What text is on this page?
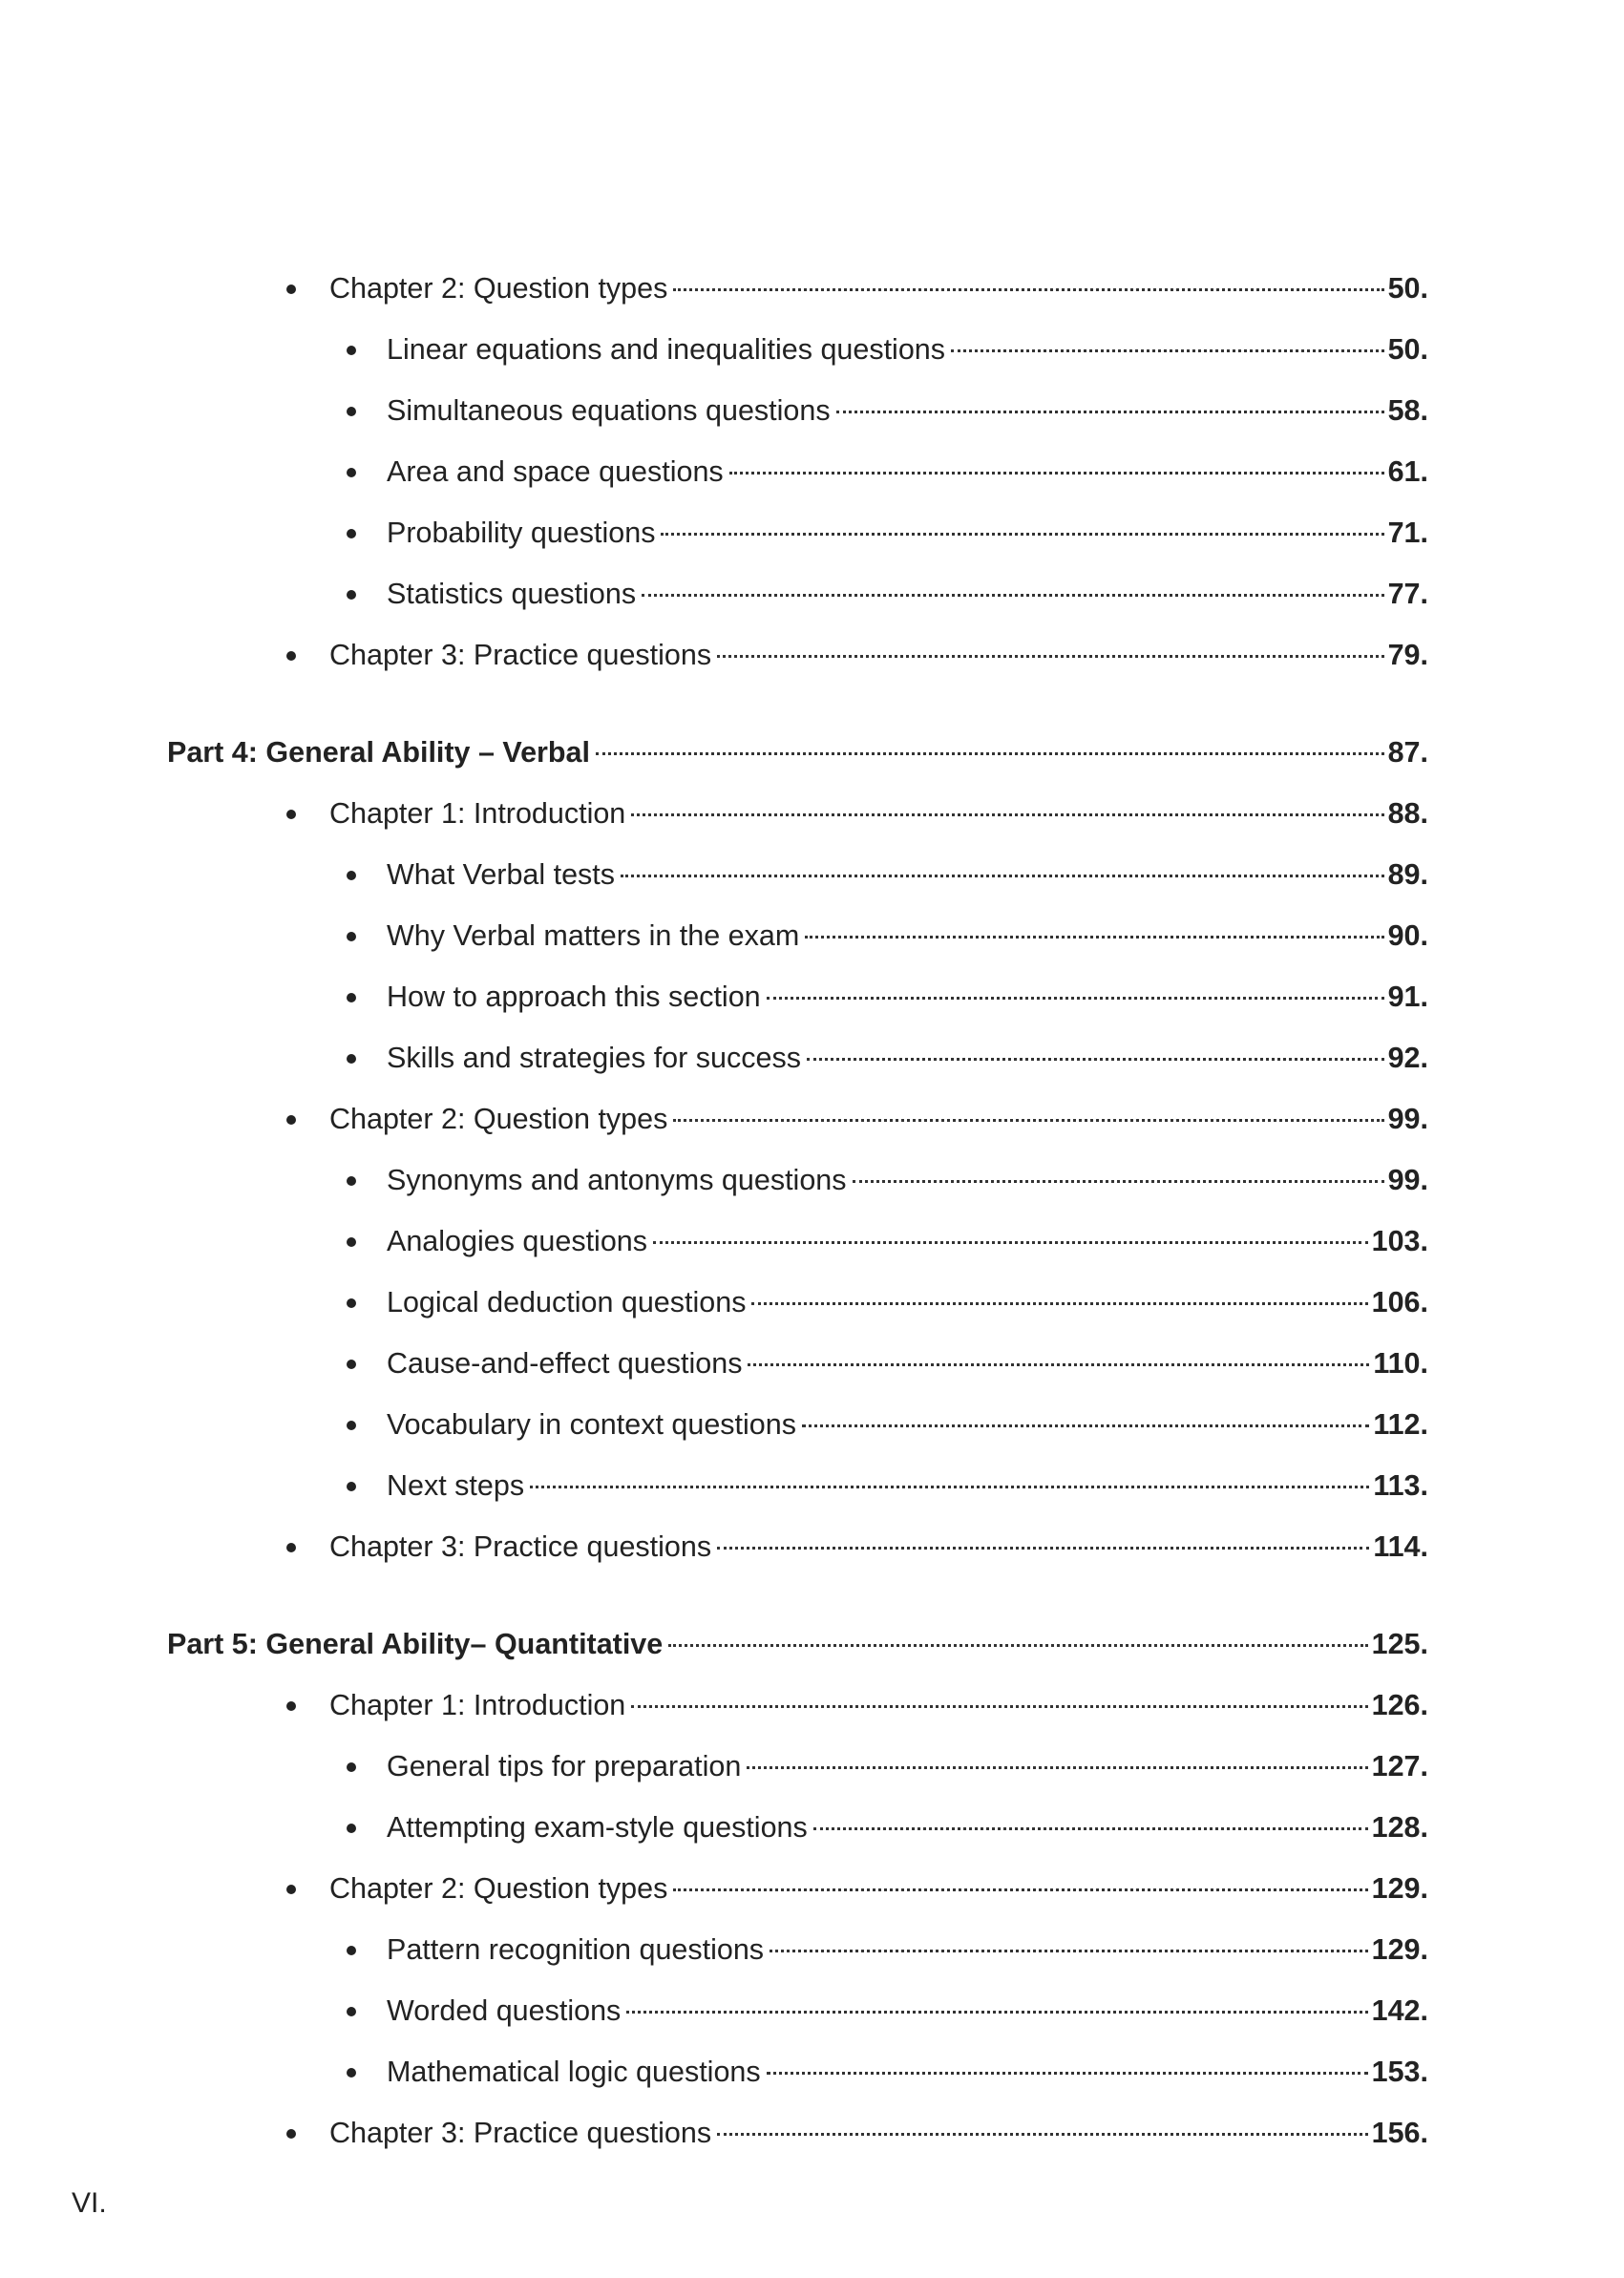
Chapter 2: Question types	50.
Linear equations and inequalities questions	50.
Simultaneous equations questions	58.
Area and space questions	61.
Probability questions	71.
Statistics questions	77.
Chapter 3: Practice questions	79.
Part 4: General Ability – Verbal	87.
Chapter 1: Introduction	88.
What Verbal tests	89.
Why Verbal matters in the exam	90.
How to approach this section	91.
Skills and strategies for success	92.
Chapter 2: Question types	99.
Synonyms and antonyms questions	99.
Analogies questions	103.
Logical deduction questions	106.
Cause-and-effect questions	110.
Vocabulary in context questions	112.
Next steps	113.
Chapter 3: Practice questions	114.
Part 5: General Ability– Quantitative	125.
Chapter 1: Introduction	126.
General tips for preparation	127.
Attempting exam-style questions	128.
Chapter 2: Question types	129.
Pattern recognition questions	129.
Worded questions	142.
Mathematical logic questions	153.
Chapter 3: Practice questions	156.
VI.
